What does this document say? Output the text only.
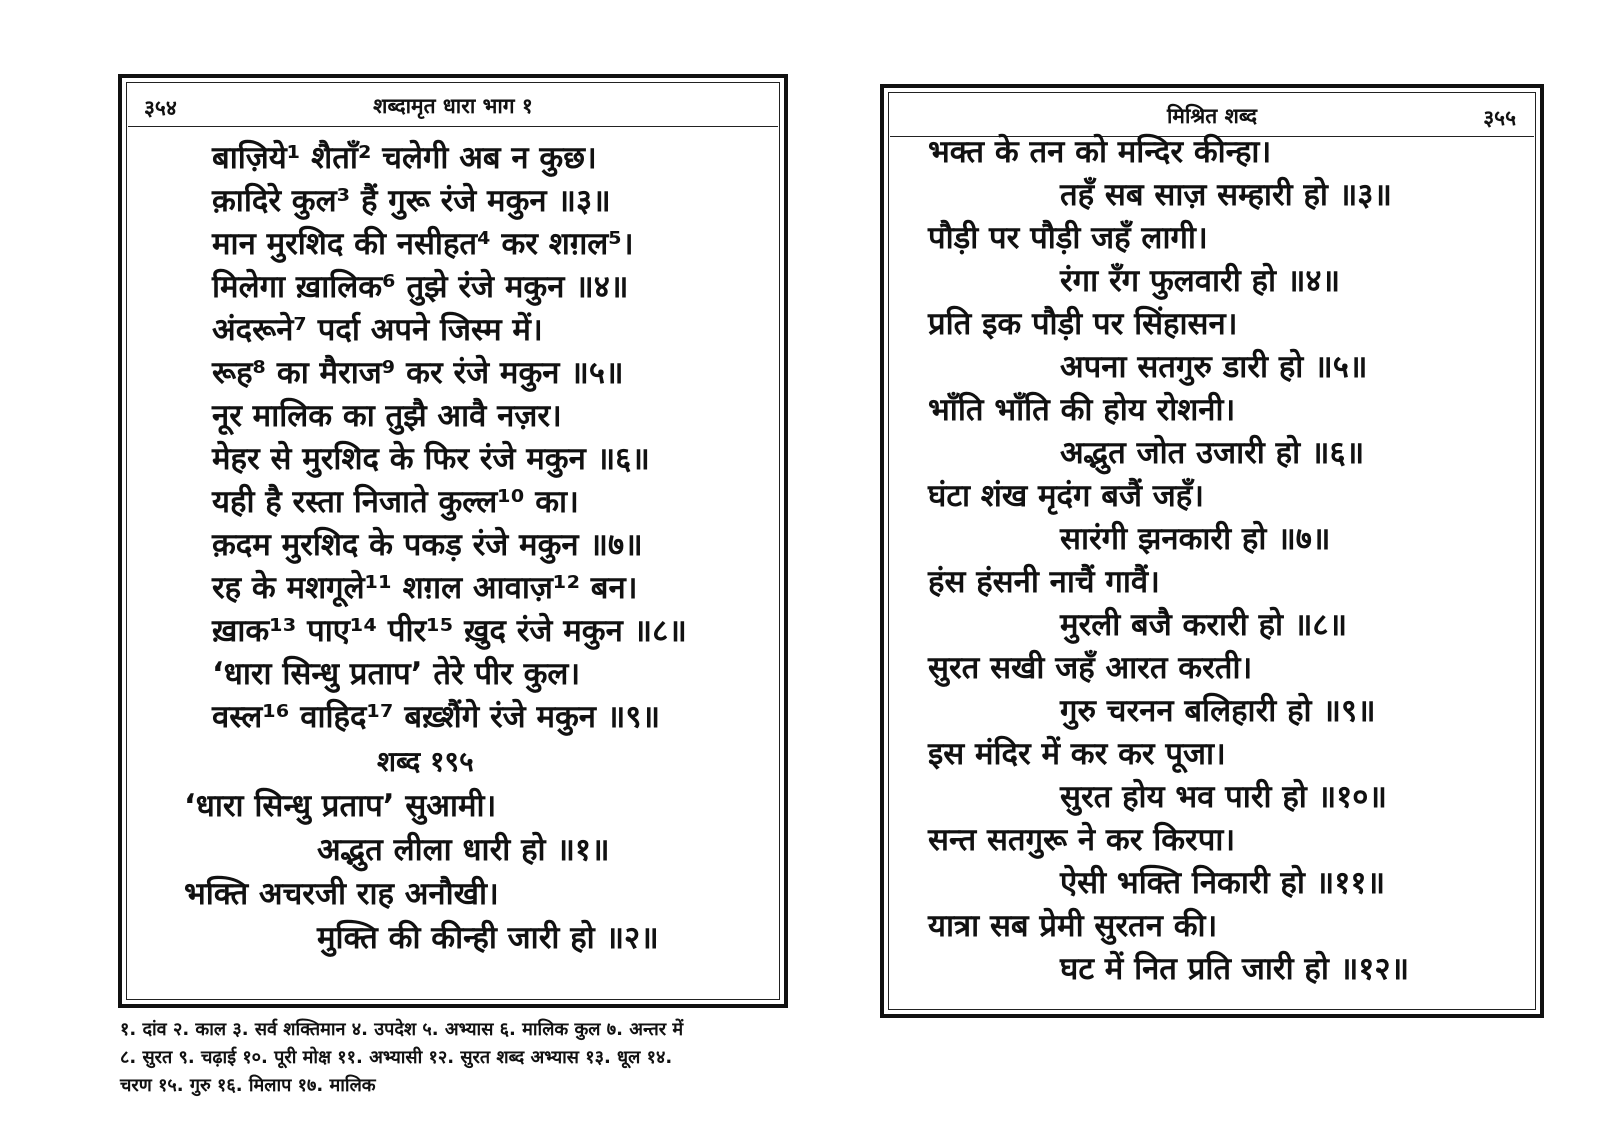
३५४	शब्दामृत धारा भाग १
बाज़िये¹ शैताँ² चलेगी अब न कुछ।
क़ादिरे कुल³ हैं गुरू रंजे मकुन ॥३॥
मान मुरशिद की नसीहत⁴ कर शग़ल⁵।
मिलेगा ख़ालिक⁶ तुझे रंजे मकुन ॥४॥
अंदरूने⁷ पर्दा अपने जिस्म में।
रूह⁸ का मैराज⁹ कर रंजे मकुन ॥५॥
नूर मालिक का तुझै आवै नज़र।
मेहर से मुरशिद के फिर रंजे मकुन ॥६॥
यही है रस्ता निजाते कुल्ल¹⁰ का।
क़दम मुरशिद के पकड़ रंजे मकुन ॥७॥
रह के मशगूले¹¹ शग़ल आवाज़¹² बन।
ख़ाक¹³ पाए¹⁴ पीर¹⁵ ख़ुद रंजे मकुन ॥८॥
‘धारा सिन्धु प्रताप’ तेरे पीर कुल।
वस्ल¹⁶ वाहिद¹⁷ बख़्शैंगे रंजे मकुन ॥९॥
शब्द १९५
‘धारा सिन्धु प्रताप’ सुआमी।
अद्भुत लीला धारी हो ॥१॥
भक्ति अचरजी राह अनौखी।
मुक्ति की कीन्ही जारी हो ॥२॥
मिश्रित शब्द	३५५
भक्त के तन को मन्दिर कीन्हा।
तहँ सब साज़ सम्हारी हो ॥३॥
पौड़ी पर पौड़ी जहँ लागी।
रंगा रँग फुलवारी हो ॥४॥
प्रति इक पौड़ी पर सिंहासन।
अपना सतगुरु डारी हो ॥५॥
भाँति भाँति की होय रोशनी।
अद्भुत जोत उजारी हो ॥६॥
घंटा शंख मृदंग बजैं जहँ।
सारंगी झनकारी हो ॥७॥
हंस हंसनी नाचैं गावैं।
मुरली बजै करारी हो ॥८॥
सुरत सखी जहँ आरत करती।
गुरु चरनन बलिहारी हो ॥९॥
इस मंदिर में कर कर पूजा।
सुरत होय भव पारी हो ॥१०॥
सन्त सतगुरू ने कर किरपा।
ऐसी भक्ति निकारी हो ॥११॥
यात्रा सब प्रेमी सुरतन की।
घट में नित प्रति जारी हो ॥१२॥
१. दांव २. काल ३. सर्व शक्तिमान ४. उपदेश ५. अभ्यास ६. मालिक कुल ७. अन्तर में
८. सुरत ९. चढ़ाई १०. पूरी मोक्ष ११. अभ्यासी १२. सुरत शब्द अभ्यास १३. धूल १४.
चरण १५. गुरु १६. मिलाप १७. मालिक
